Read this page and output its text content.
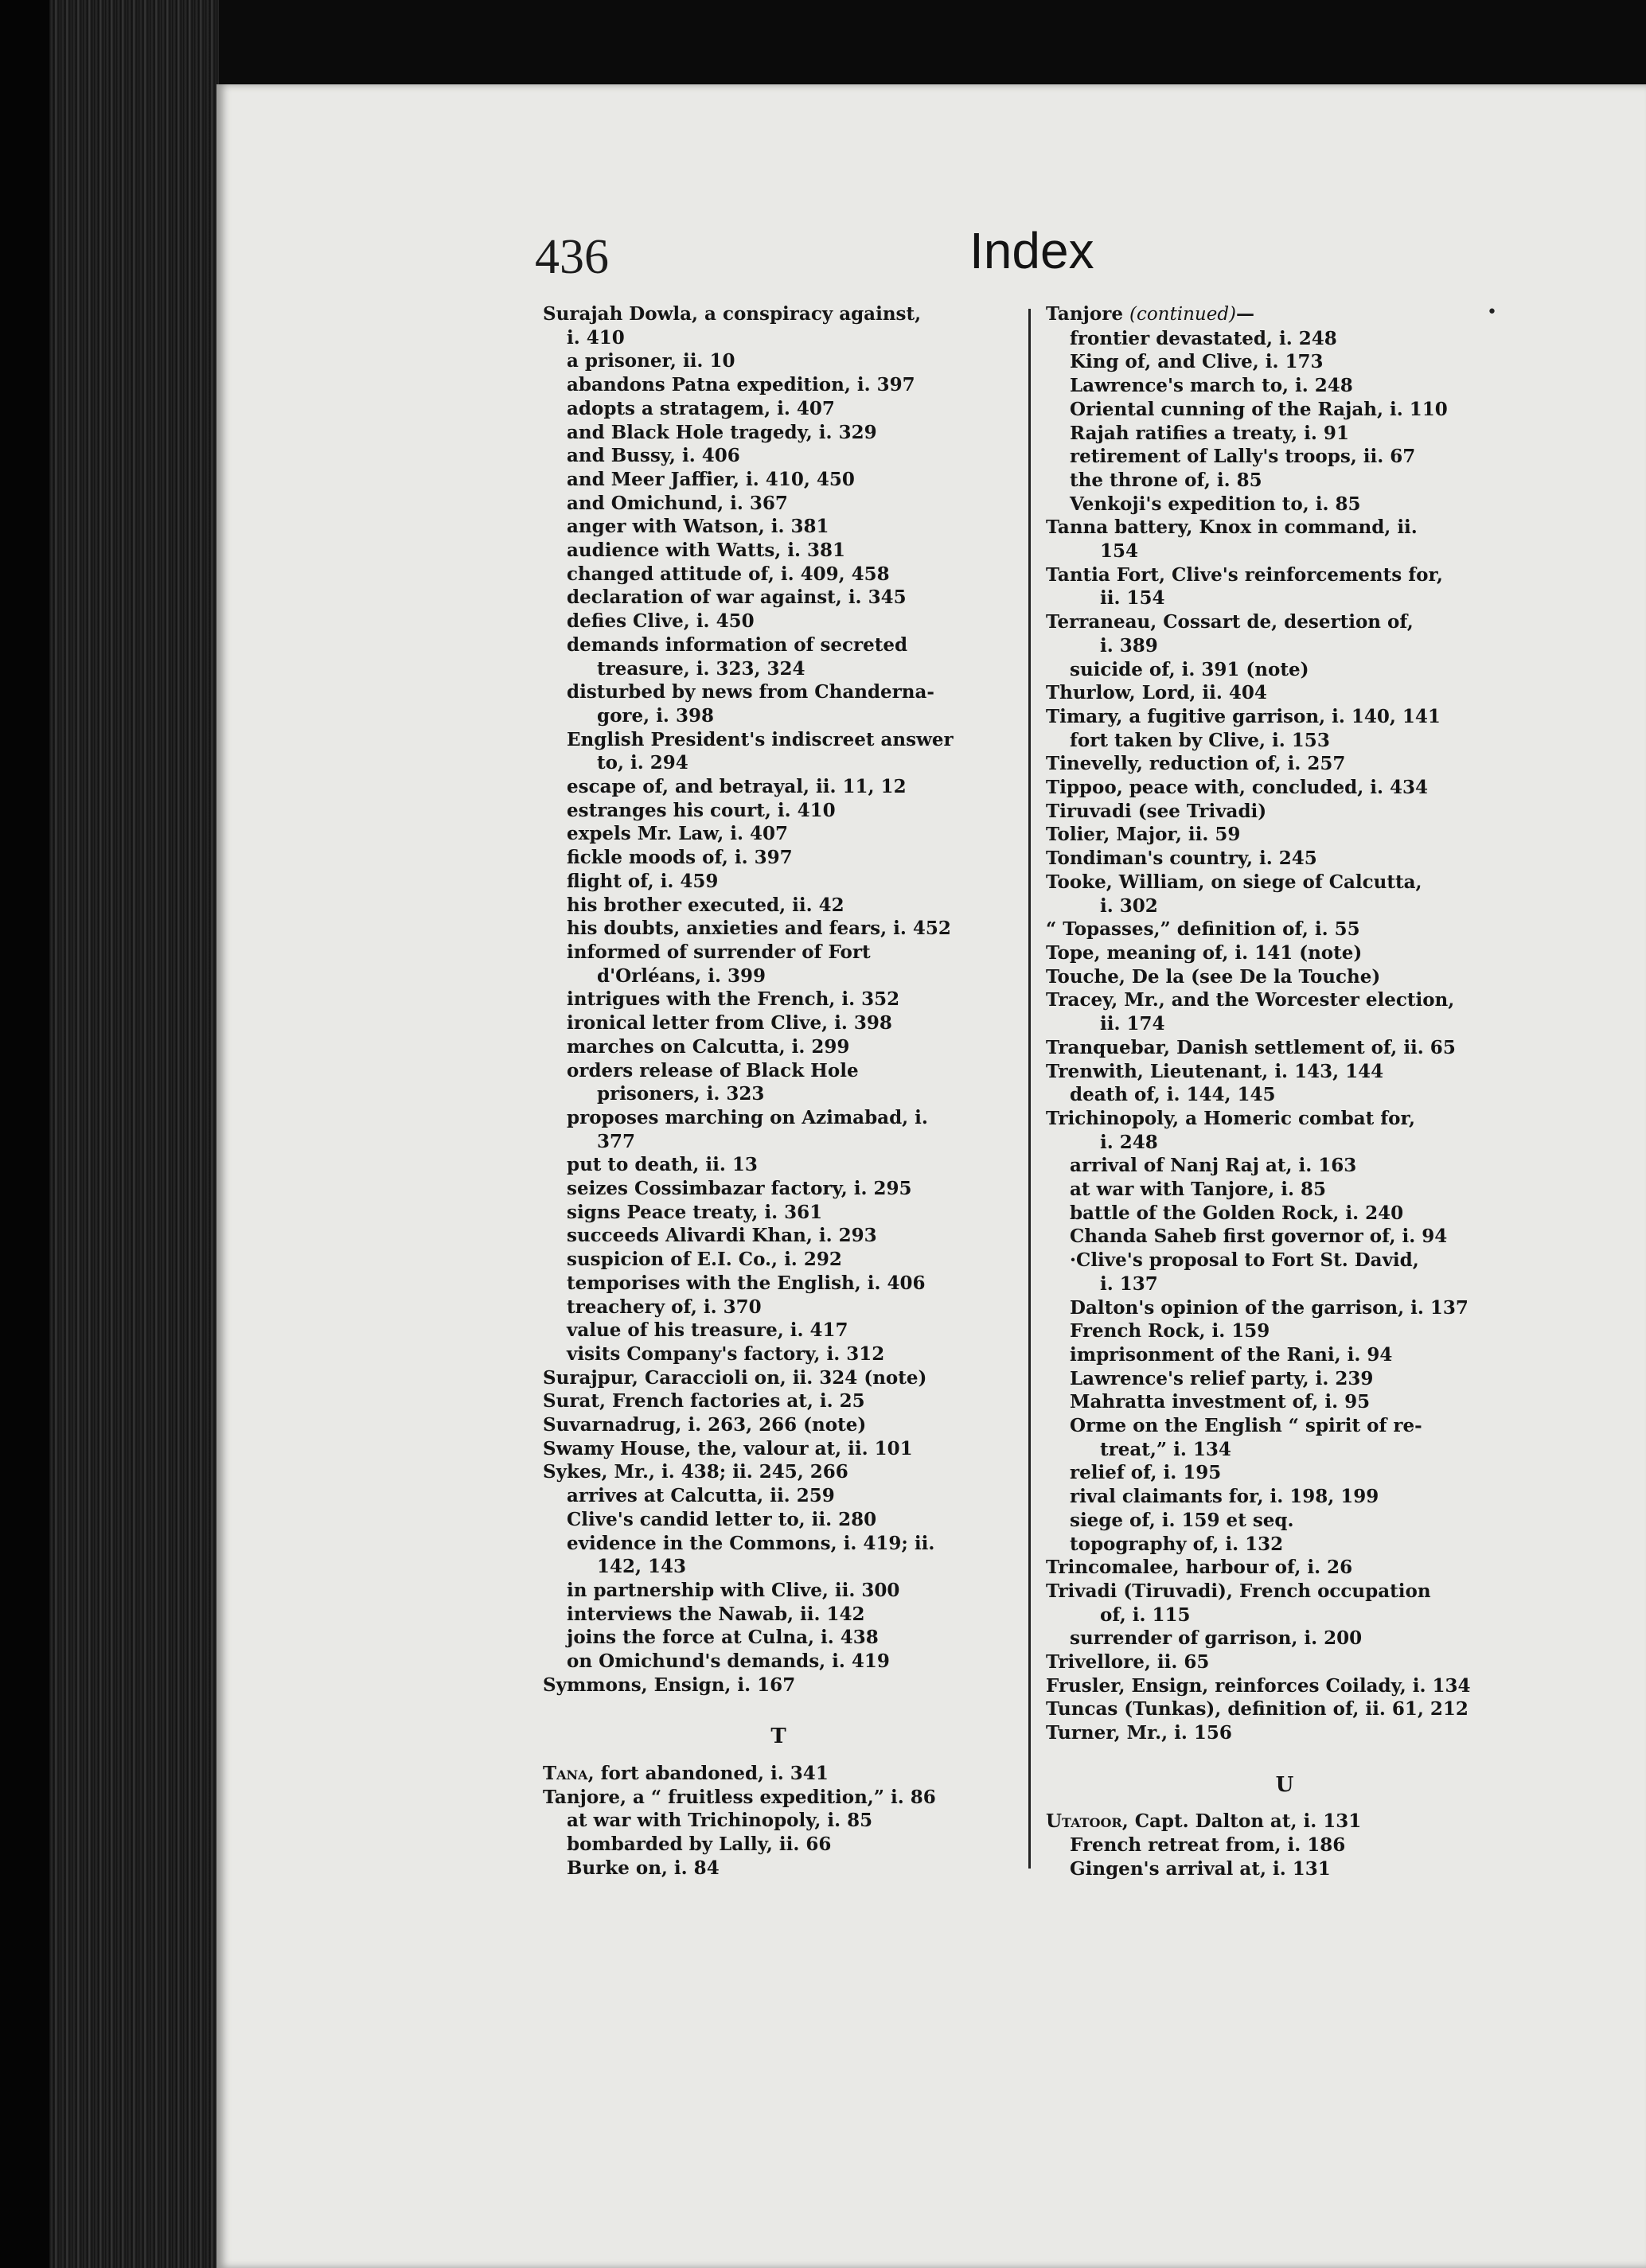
436	Index
•
Surajah Dowla, a conspiracy against,
i. 410
a prisoner, ii. 10
abandons Patna expedition, i. 397
adopts a stratagem, i. 407
and Black Hole tragedy, i. 329
and Bussy, i. 406
and Meer Jaffier, i. 410, 450
and Omichund, i. 367
anger with Watson, i. 381
audience with Watts, i. 381
changed attitude of, i. 409, 458
declaration of war against, i. 345
defies Clive, i. 450
demands information of secreted
treasure, i. 323, 324
disturbed by news from Chanderna-
gore, i. 398
English President's indiscreet answer
to, i. 294
escape of, and betrayal, ii. 11, 12
estranges his court, i. 410
expels Mr. Law, i. 407
fickle moods of, i. 397
flight of, i. 459
his brother executed, ii. 42
his doubts, anxieties and fears, i. 452
informed of surrender of Fort
d'Orléans, i. 399
intrigues with the French, i. 352
ironical letter from Clive, i. 398
marches on Calcutta, i. 299
orders release of Black Hole
prisoners, i. 323
proposes marching on Azimabad, i.
377
put to death, ii. 13
seizes Cossimbazar factory, i. 295
signs Peace treaty, i. 361
succeeds Alivardi Khan, i. 293
suspicion of E.I. Co., i. 292
temporises with the English, i. 406
treachery of, i. 370
value of his treasure, i. 417
visits Company's factory, i. 312
Surajpur, Caraccioli on, ii. 324 (note)
Surat, French factories at, i. 25
Suvarnadrug, i. 263, 266 (note)
Swamy House, the, valour at, ii. 101
Sykes, Mr., i. 438; ii. 245, 266
arrives at Calcutta, ii. 259
Clive's candid letter to, ii. 280
evidence in the Commons, i. 419; ii.
142, 143
in partnership with Clive, ii. 300
interviews the Nawab, ii. 142
joins the force at Culna, i. 438
on Omichund's demands, i. 419
Symmons, Ensign, i. 167
T
Tana, fort abandoned, i. 341
Tanjore, a “ fruitless expedition,” i. 86
at war with Trichinopoly, i. 85
bombarded by Lally, ii. 66
Burke on, i. 84
Tanjore (continued)—
frontier devastated, i. 248
King of, and Clive, i. 173
Lawrence's march to, i. 248
Oriental cunning of the Rajah, i. 110
Rajah ratifies a treaty, i. 91
retirement of Lally's troops, ii. 67
the throne of, i. 85
Venkoji's expedition to, i. 85
Tanna battery, Knox in command, ii.
154
Tantia Fort, Clive's reinforcements for,
ii. 154
Terraneau, Cossart de, desertion of,
i. 389
suicide of, i. 391 (note)
Thurlow, Lord, ii. 404
Timary, a fugitive garrison, i. 140, 141
fort taken by Clive, i. 153
Tinevelly, reduction of, i. 257
Tippoo, peace with, concluded, i. 434
Tiruvadi (see Trivadi)
Tolier, Major, ii. 59
Tondiman's country, i. 245
Tooke, William, on siege of Calcutta,
i. 302
“ Topasses,” definition of, i. 55
Tope, meaning of, i. 141 (note)
Touche, De la (see De la Touche)
Tracey, Mr., and the Worcester election,
ii. 174
Tranquebar, Danish settlement of, ii. 65
Trenwith, Lieutenant, i. 143, 144
death of, i. 144, 145
Trichinopoly, a Homeric combat for,
i. 248
arrival of Nanj Raj at, i. 163
at war with Tanjore, i. 85
battle of the Golden Rock, i. 240
Chanda Saheb first governor of, i. 94
·Clive's proposal to Fort St. David,
i. 137
Dalton's opinion of the garrison, i. 137
French Rock, i. 159
imprisonment of the Rani, i. 94
Lawrence's relief party, i. 239
Mahratta investment of, i. 95
Orme on the English “ spirit of re-
treat,” i. 134
relief of, i. 195
rival claimants for, i. 198, 199
siege of, i. 159 et seq.
topography of, i. 132
Trincomalee, harbour of, i. 26
Trivadi (Tiruvadi), French occupation
of, i. 115
surrender of garrison, i. 200
Trivellore, ii. 65
Frusler, Ensign, reinforces Coilady, i. 134
Tuncas (Tunkas), definition of, ii. 61, 212
Turner, Mr., i. 156
U
Utatoor, Capt. Dalton at, i. 131
French retreat from, i. 186
Gingen's arrival at, i. 131
